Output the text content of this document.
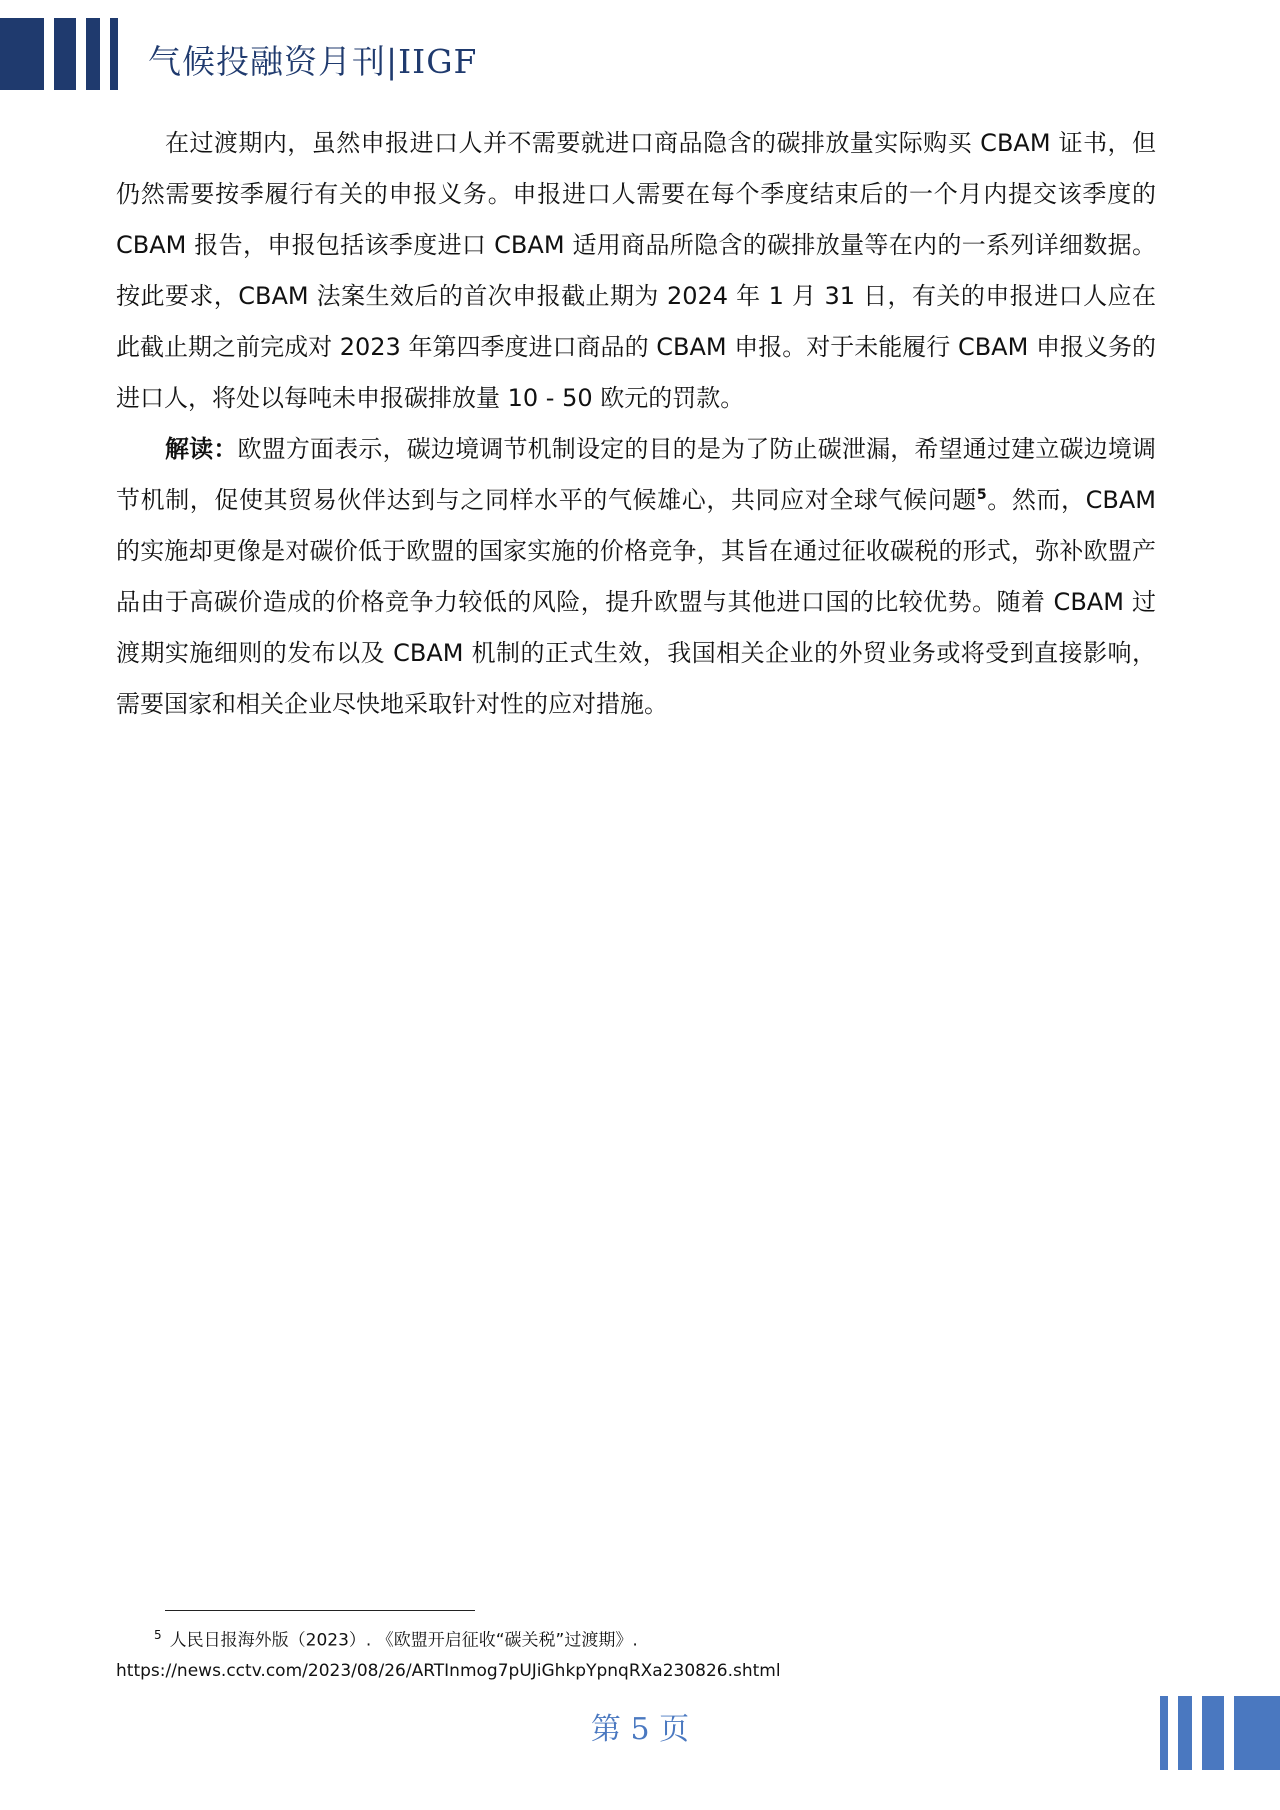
气候投融资月刊|IIGF

在过渡期内，虽然申报进口人并不需要就进口商品隐含的碳排放量实际购买 CBAM 证书，但仍然需要按季履行有关的申报义务。申报进口人需要在每个季度结束后的一个月内提交该季度的 CBAM 报告，申报包括该季度进口 CBAM 适用商品所隐含的碳排放量等在内的一系列详细数据。按此要求，CBAM 法案生效后的首次申报截止期为 2024 年 1 月 31 日，有关的申报进口人应在此截止期之前完成对 2023 年第四季度进口商品的 CBAM 申报。对于未能履行 CBAM 申报义务的进口人，将处以每吨未申报碳排放量 10 - 50 欧元的罚款。

解读：欧盟方面表示，碳边境调节机制设定的目的是为了防止碳泄漏，希望通过建立碳边境调节机制，促使其贸易伙伴达到与之同样水平的气候雄心，共同应对全球气候问题$^5$。然而，CBAM 的实施却更像是对碳价低于欧盟的国家实施的价格竞争，其旨在通过征收碳税的形式，弥补欧盟产品由于高碳价造成的价格竞争力较低的风险，提升欧盟与其他进口国的比较优势。随着 CBAM 过渡期实施细则的发布以及 CBAM 机制的正式生效，我国相关企业的外贸业务或将受到直接影响，需要国家和相关企业尽快地采取针对性的应对措施。

$^5$ 人民日报海外版（2023）. 《欧盟开启征收“碳关税”过渡期》.
https://news.cctv.com/2023/08/26/ARTInmog7pUJiGhkpYpnqRXa230826.shtml
第 5 页
